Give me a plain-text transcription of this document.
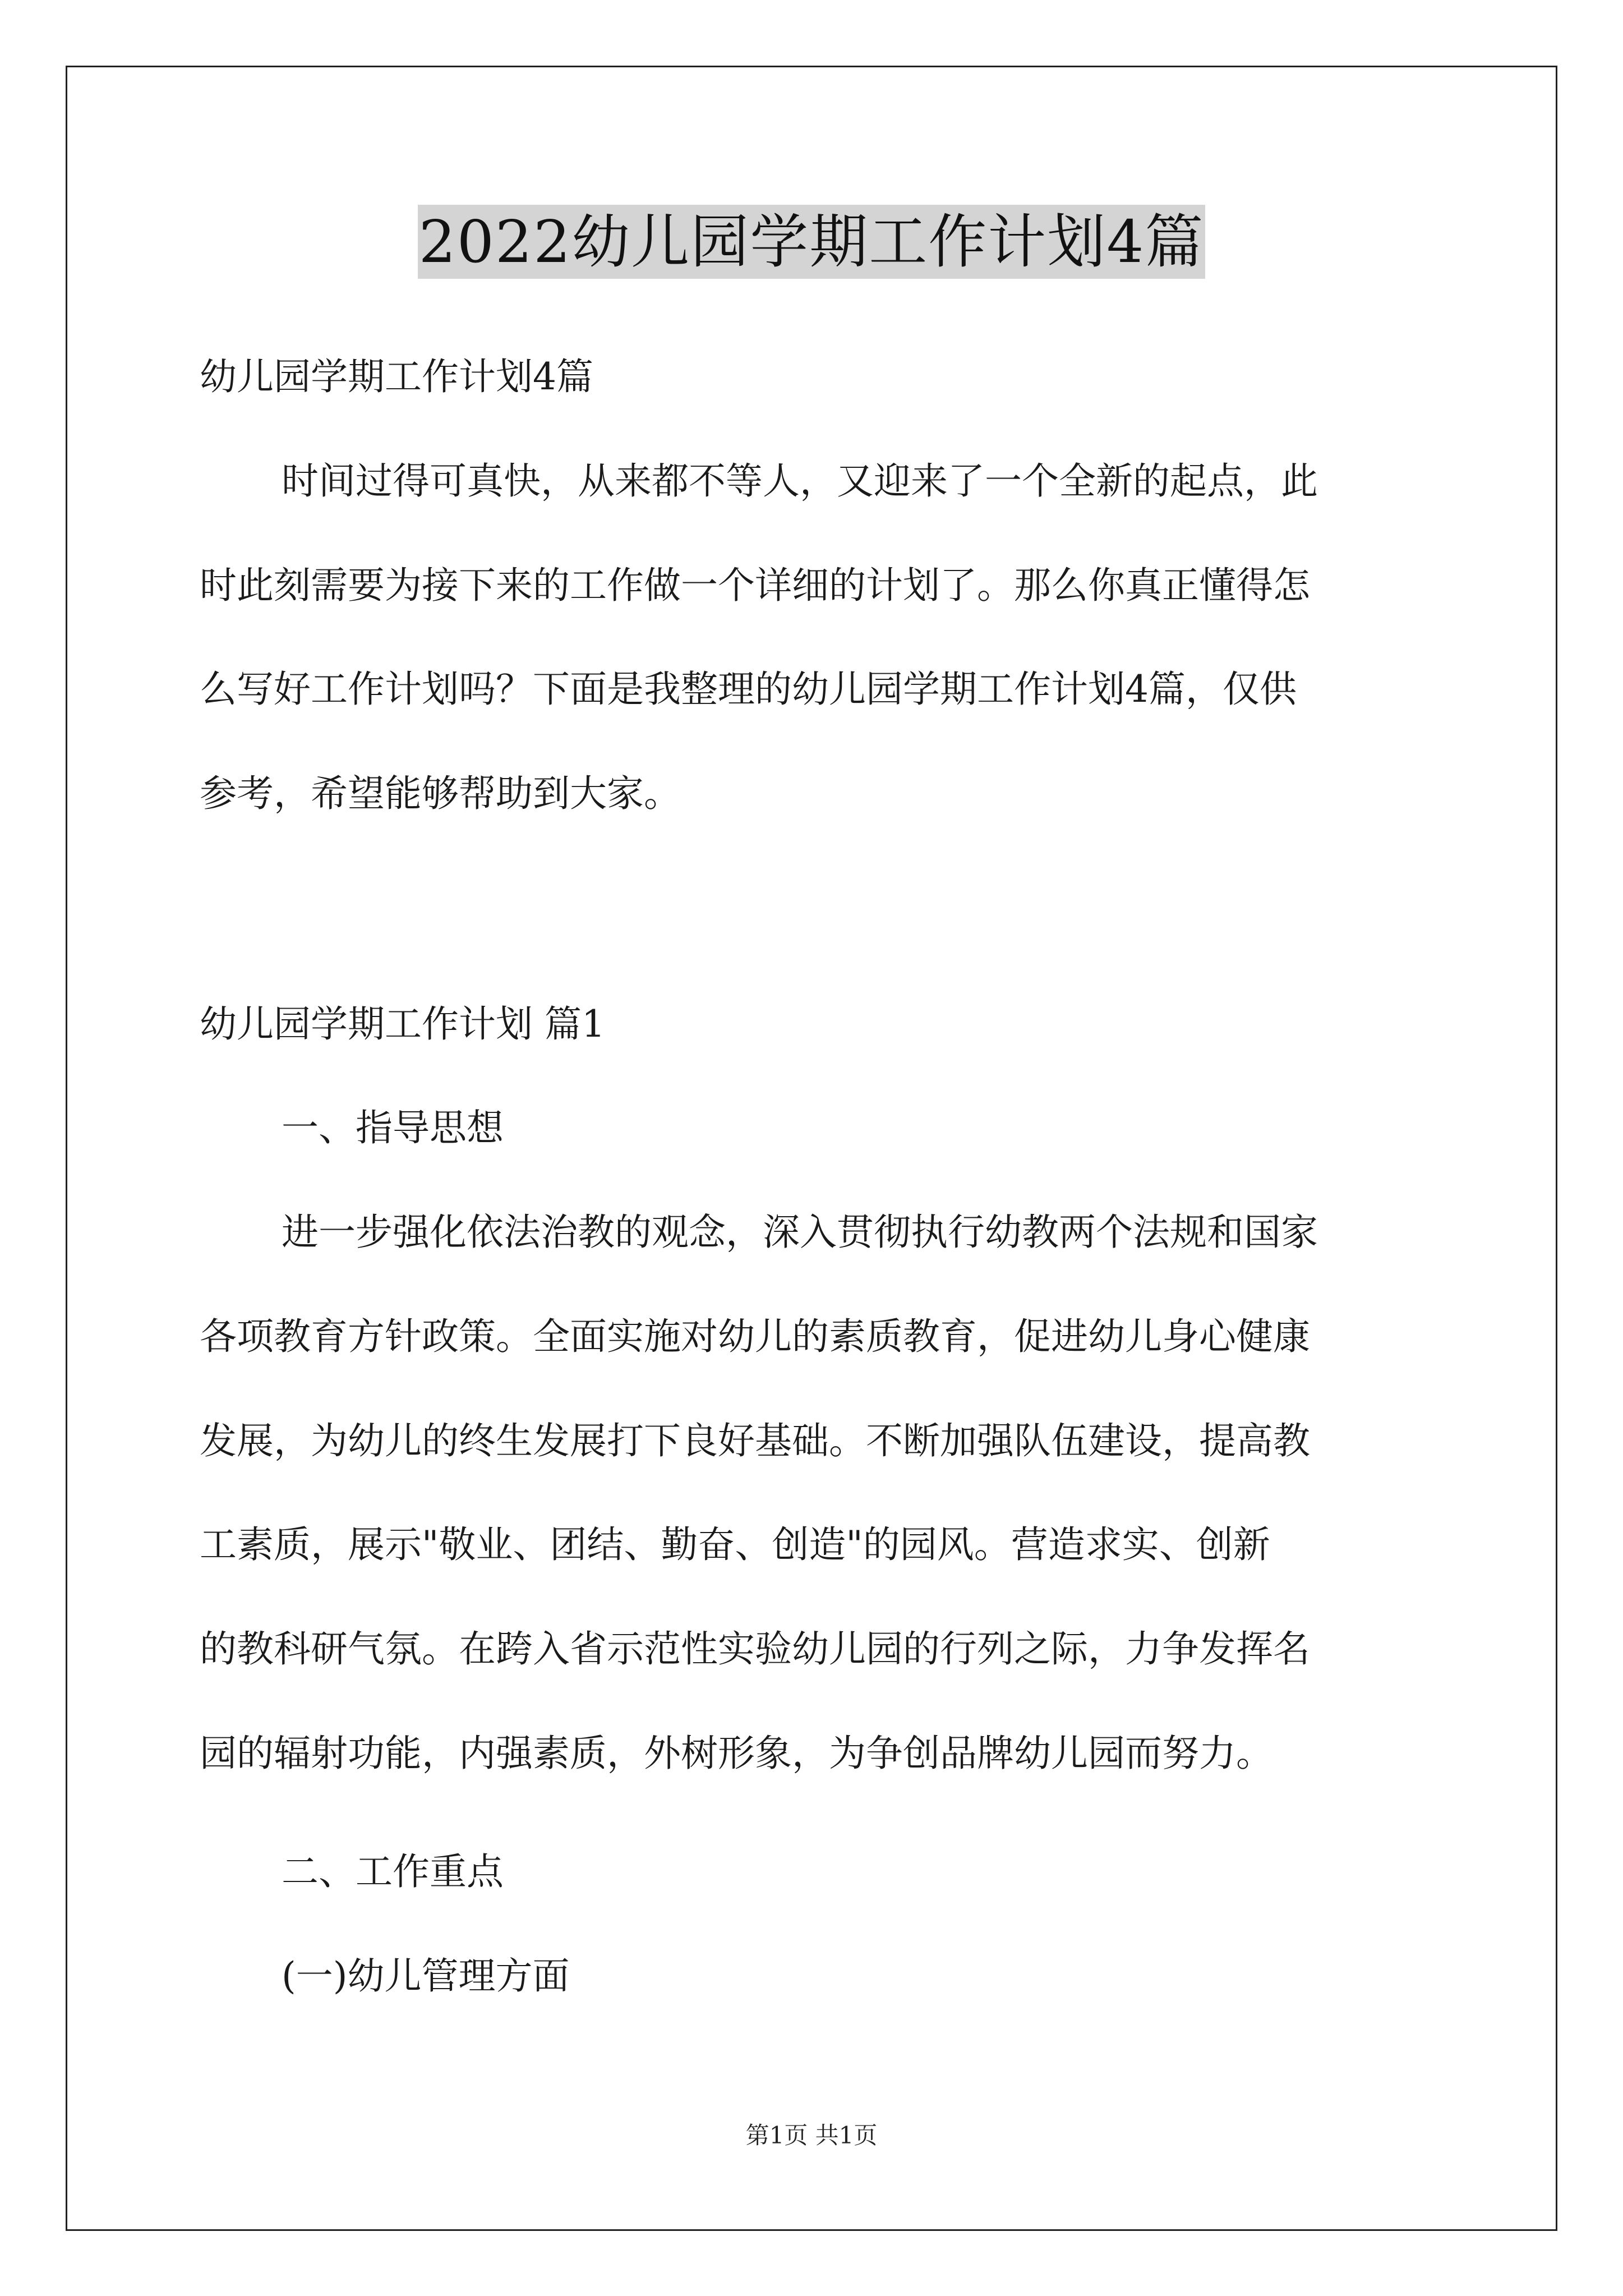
2022幼儿园学期工作计划4篇
幼儿园学期工作计划4篇
时间过得可真快，从来都不等人，又迎来了一个全新的起点，此
时此刻需要为接下来的工作做一个详细的计划了。那么你真正懂得怎
么写好工作计划吗？下面是我整理的幼儿园学期工作计划4篇，仅供
参考，希望能够帮助到大家。
幼儿园学期工作计划 篇1
一、指导思想
进一步强化依法治教的观念，深入贯彻执行幼教两个法规和国家
各项教育方针政策。全面实施对幼儿的素质教育，促进幼儿身心健康
发展，为幼儿的终生发展打下良好基础。不断加强队伍建设，提高教
工素质，展示"敬业、团结、勤奋、创造"的园风。营造求实、创新
的教科研气氛。在跨入省示范性实验幼儿园的行列之际，力争发挥名
园的辐射功能，内强素质，外树形象，为争创品牌幼儿园而努力。
二、工作重点
(一)幼儿管理方面
第1页 共1页
